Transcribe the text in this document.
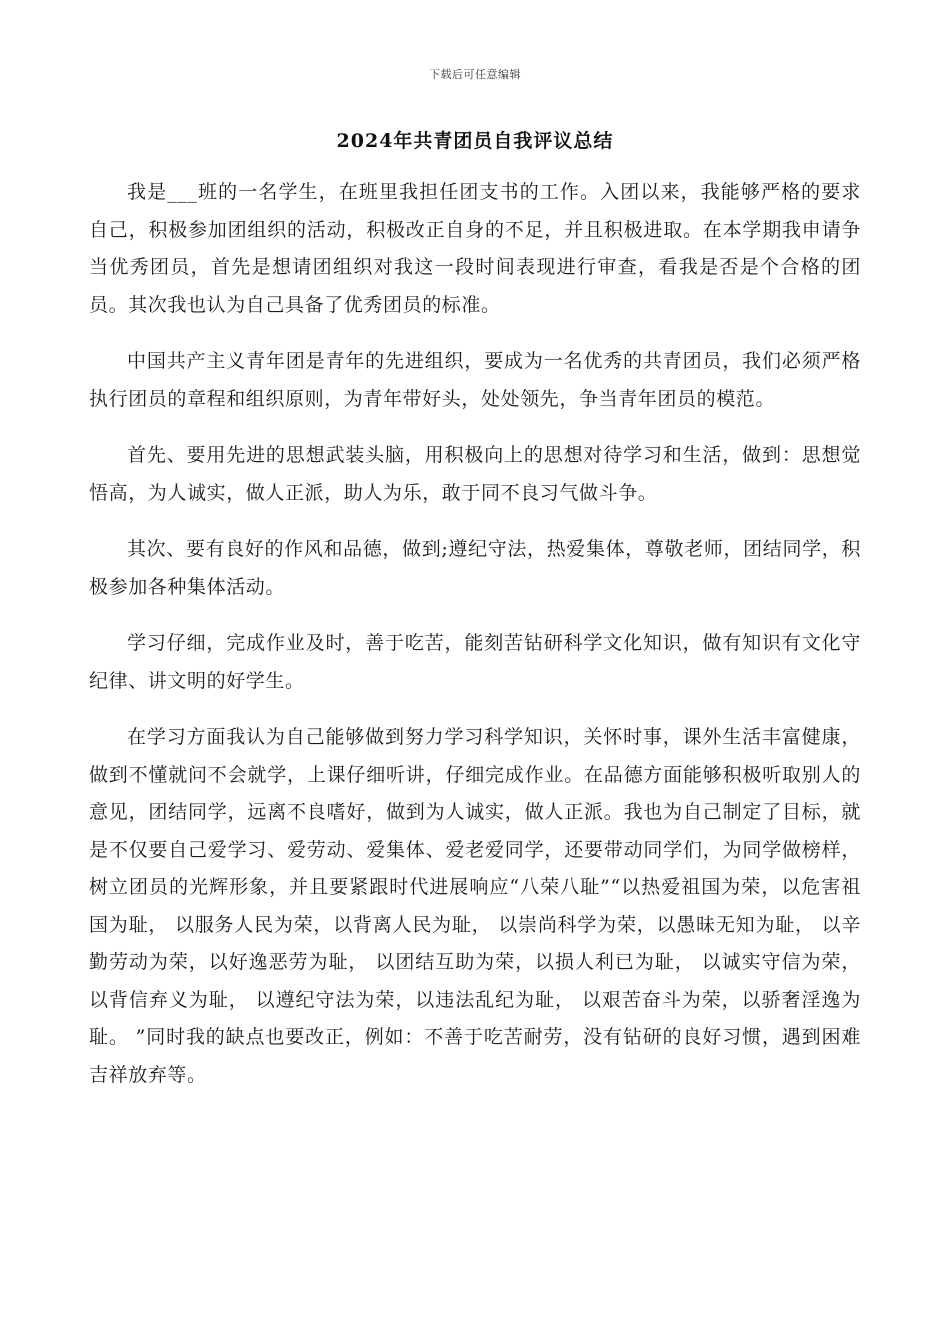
下载后可任意编辑
2024年共青团员自我评议总结

我是___班的一名学生，在班里我担任团支书的工作。入团以来，我能够严格的要求自己，积极参加团组织的活动，积极改正自身的不足，并且积极进取。在本学期我申请争当优秀团员，首先是想请团组织对我这一段时间表现进行审查，看我是否是个合格的团员。其次我也认为自己具备了优秀团员的标准。

中国共产主义青年团是青年的先进组织，要成为一名优秀的共青团员，我们必须严格执行团员的章程和组织原则，为青年带好头，处处领先，争当青年团员的模范。

首先、要用先进的思想武装头脑，用积极向上的思想对待学习和生活，做到：思想觉悟高，为人诚实，做人正派，助人为乐，敢于同不良习气做斗争。

其次、要有良好的作风和品德，做到;遵纪守法，热爱集体，尊敬老师，团结同学，积极参加各种集体活动。

学习仔细，完成作业及时，善于吃苦，能刻苦钻研科学文化知识，做有知识有文化守纪律、讲文明的好学生。

在学习方面我认为自己能够做到努力学习科学知识，关怀时事，课外生活丰富健康，做到不懂就问不会就学，上课仔细听讲，仔细完成作业。在品德方面能够积极听取别人的意见，团结同学，远离不良嗜好，做到为人诚实，做人正派。我也为自己制定了目标，就是不仅要自己爱学习、爱劳动、爱集体、爱老爱同学，还要带动同学们，为同学做榜样，树立团员的光辉形象，并且要紧跟时代进展响应“八荣八耻”“以热爱祖国为荣，以危害祖国为耻， 以服务人民为荣，以背离人民为耻， 以崇尚科学为荣，以愚昧无知为耻， 以辛勤劳动为荣，以好逸恶劳为耻， 以团结互助为荣，以损人利已为耻， 以诚实守信为荣，以背信弃义为耻， 以遵纪守法为荣，以违法乱纪为耻， 以艰苦奋斗为荣，以骄奢淫逸为耻。 ”同时我的缺点也要改正，例如：不善于吃苦耐劳，没有钻研的良好习惯，遇到困难吉祥放弃等。
